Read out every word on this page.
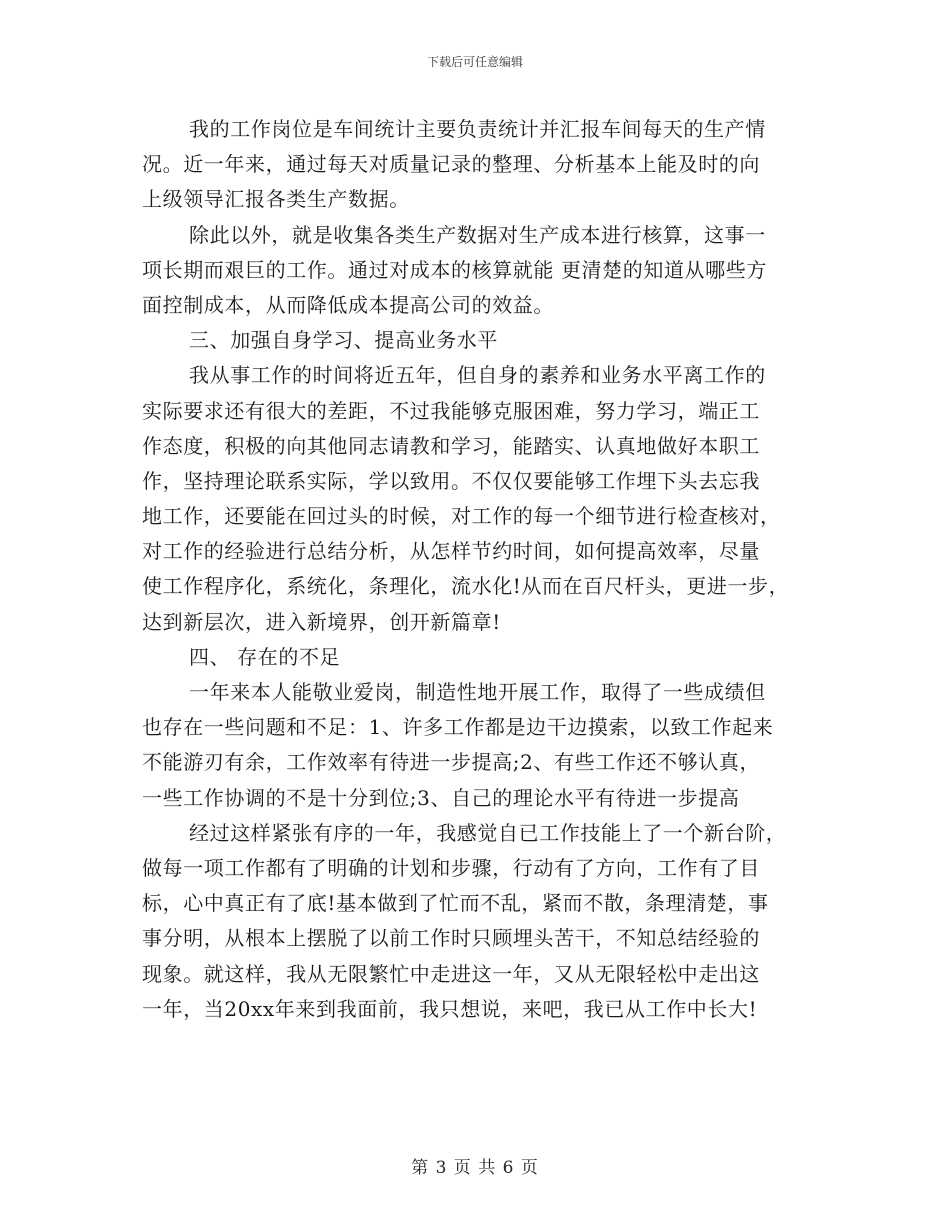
下载后可任意编辑
我的工作岗位是车间统计主要负责统计并汇报车间每天的生产情
况。近一年来，通过每天对质量记录的整理、分析基本上能及时的向
上级领导汇报各类生产数据。
除此以外，就是收集各类生产数据对生产成本进行核算，这事一
项长期而艰巨的工作。通过对成本的核算就能 更清楚的知道从哪些方
面控制成本，从而降低成本提高公司的效益。
三、加强自身学习、提高业务水平
我从事工作的时间将近五年，但自身的素养和业务水平离工作的
实际要求还有很大的差距，不过我能够克服困难，努力学习，端正工
作态度，积极的向其他同志请教和学习，能踏实、认真地做好本职工
作，坚持理论联系实际，学以致用。不仅仅要能够工作埋下头去忘我
地工作，还要能在回过头的时候，对工作的每一个细节进行检查核对，
对工作的经验进行总结分析，从怎样节约时间，如何提高效率，尽量
使工作程序化，系统化，条理化，流水化!从而在百尺杆头，更进一步，
达到新层次，进入新境界，创开新篇章!
四、 存在的不足
一年来本人能敬业爱岗，制造性地开展工作，取得了一些成绩但
也存在一些问题和不足：1、许多工作都是边干边摸索，以致工作起来
不能游刃有余，工作效率有待进一步提高;2、有些工作还不够认真，
一些工作协调的不是十分到位;3、自己的理论水平有待进一步提高
经过这样紧张有序的一年，我感觉自已工作技能上了一个新台阶，
做每一项工作都有了明确的计划和步骤，行动有了方向，工作有了目
标，心中真正有了底!基本做到了忙而不乱，紧而不散，条理清楚，事
事分明，从根本上摆脱了以前工作时只顾埋头苦干，不知总结经验的
现象。就这样，我从无限繁忙中走进这一年，又从无限轻松中走出这
一年，当20xx年来到我面前，我只想说，来吧，我已从工作中长大!
第 3 页 共 6 页
